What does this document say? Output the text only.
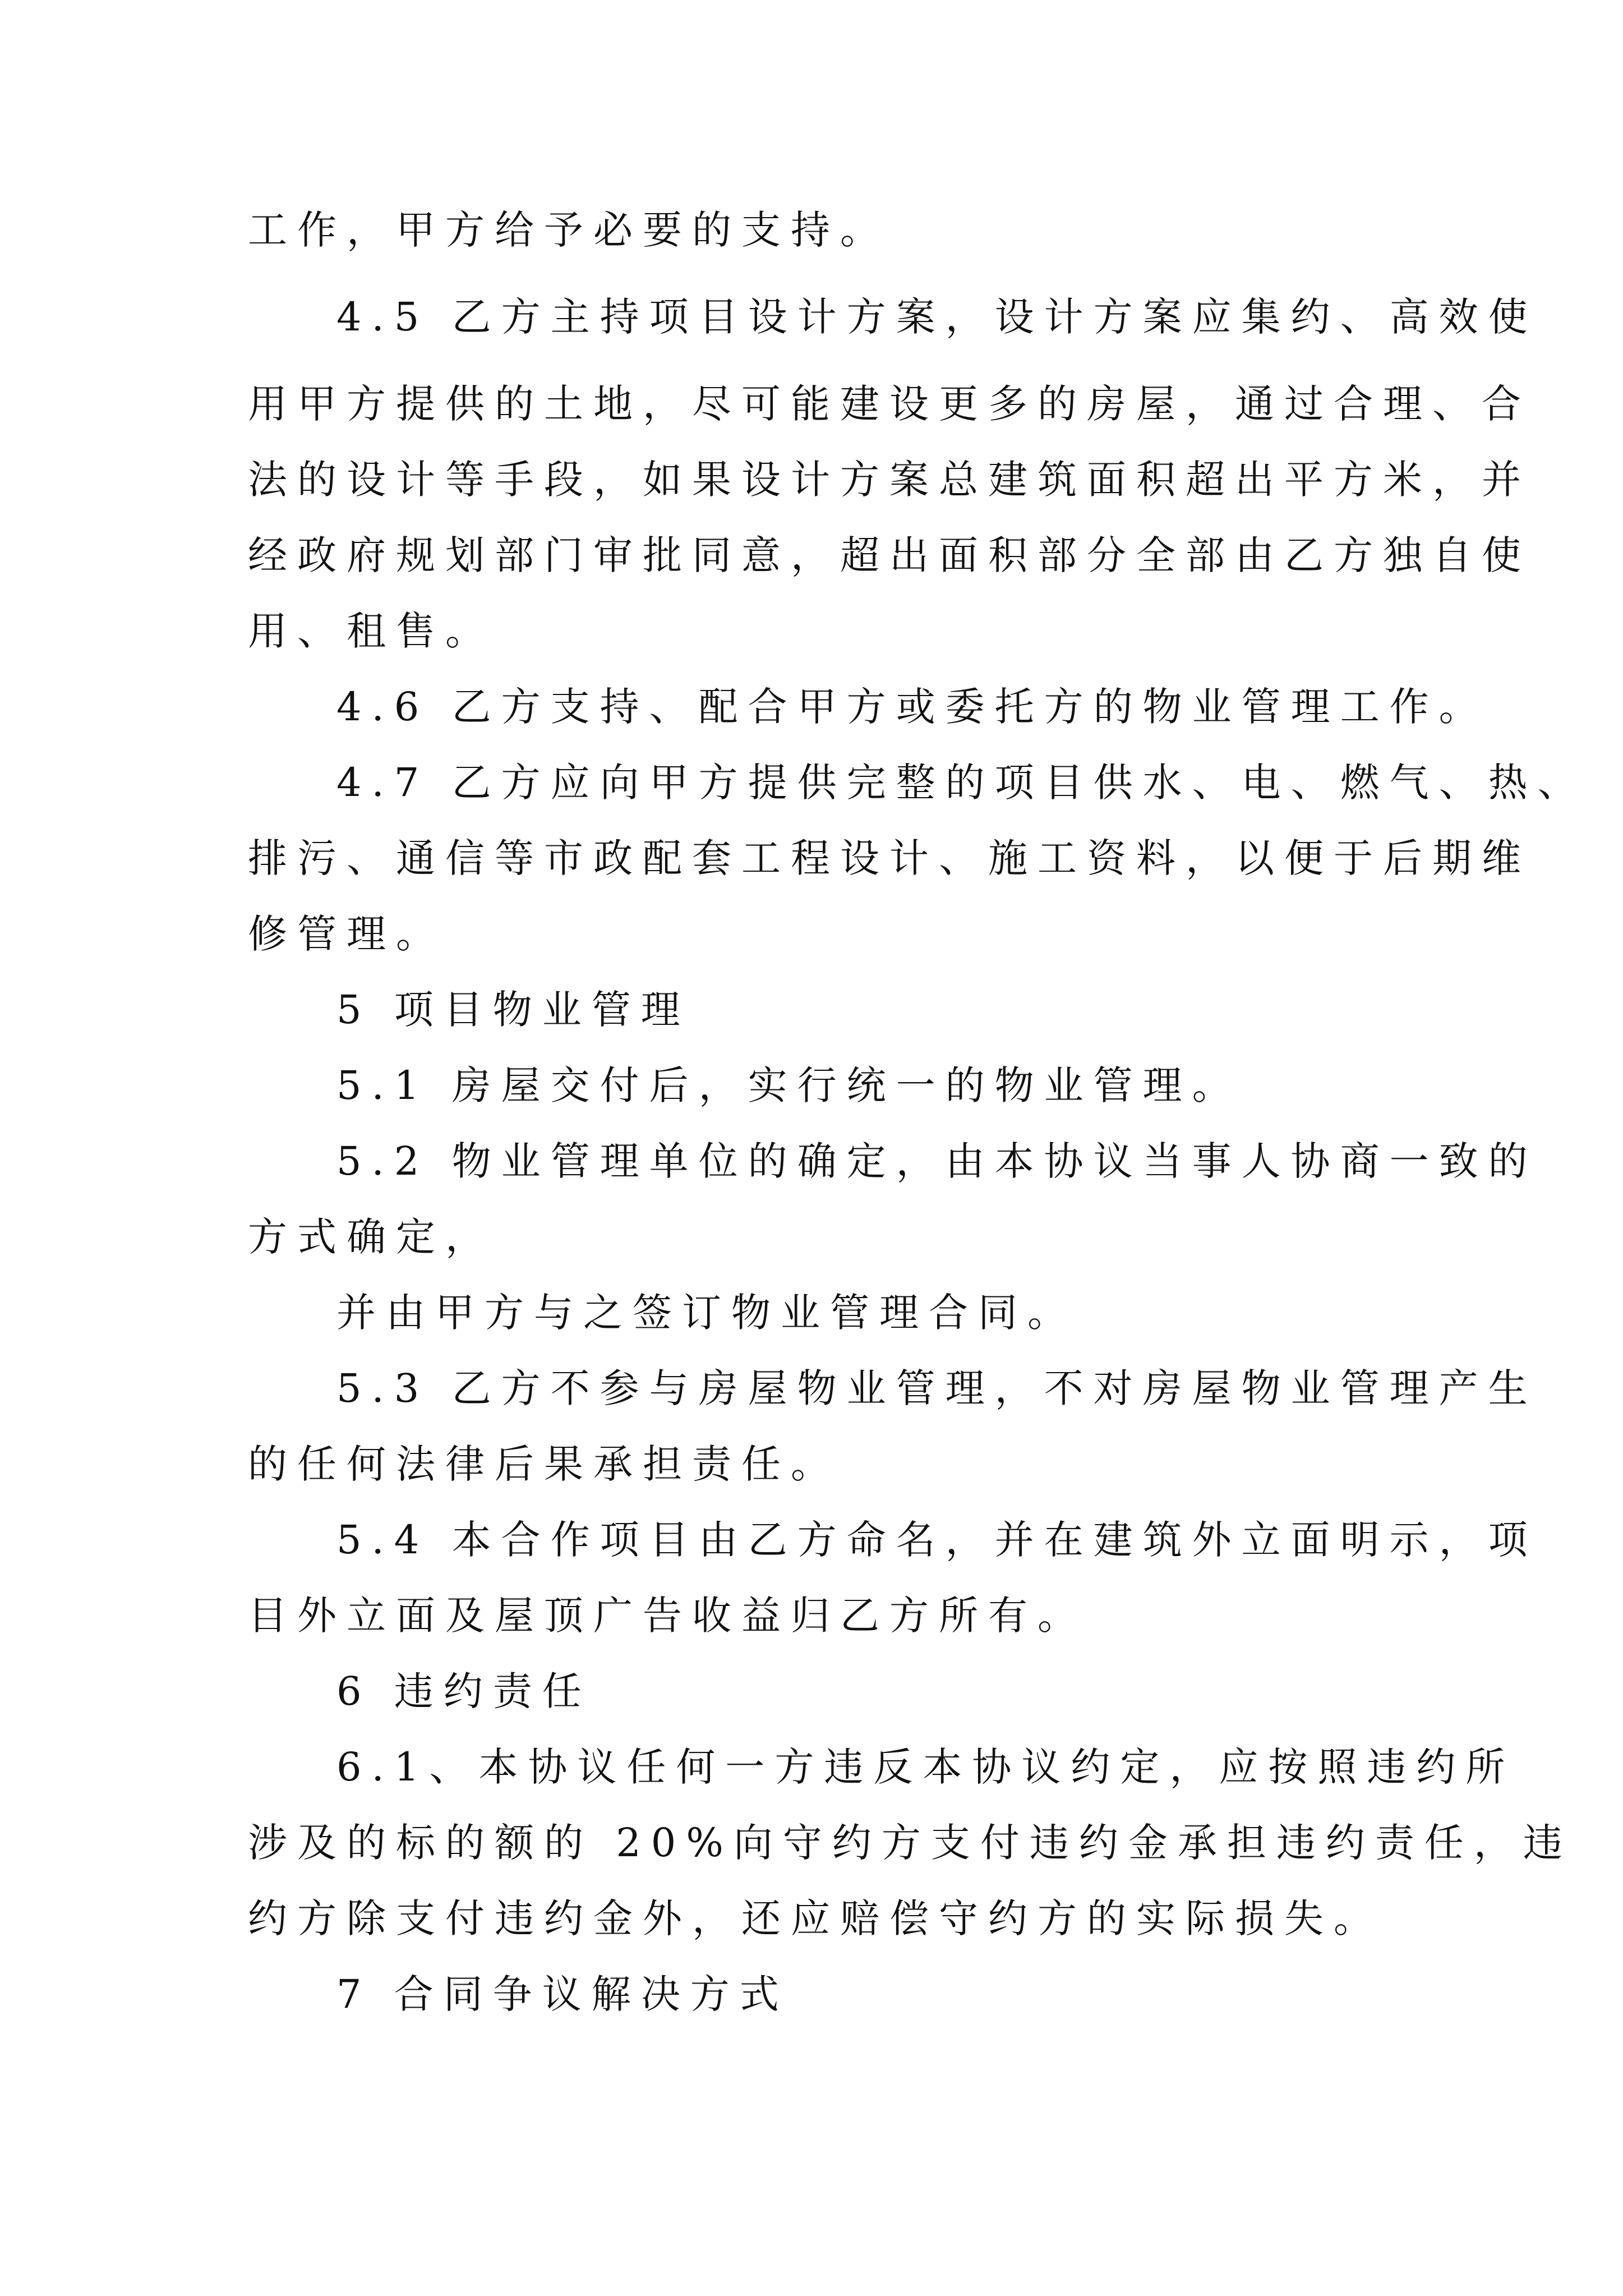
工作，甲方给予必要的支持。

4.5 乙方主持项目设计方案，设计方案应集约、高效使

用甲方提供的土地，尽可能建设更多的房屋，通过合理、合

法的设计等手段，如果设计方案总建筑面积超出平方米，并

经政府规划部门审批同意，超出面积部分全部由乙方独自使

用、租售。

4.6 乙方支持、配合甲方或委托方的物业管理工作。

4.7 乙方应向甲方提供完整的项目供水、电、燃气、热、

排污、通信等市政配套工程设计、施工资料，以便于后期维

修管理。

5 项目物业管理

5.1 房屋交付后，实行统一的物业管理。

5.2 物业管理单位的确定，由本协议当事人协商一致的

方式确定，

并由甲方与之签订物业管理合同。

5.3 乙方不参与房屋物业管理，不对房屋物业管理产生

的任何法律后果承担责任。

5.4 本合作项目由乙方命名，并在建筑外立面明示，项

目外立面及屋顶广告收益归乙方所有。

6 违约责任

6.1、本协议任何一方违反本协议约定，应按照违约所

涉及的标的额的 20%向守约方支付违约金承担违约责任，违

约方除支付违约金外，还应赔偿守约方的实际损失。

7 合同争议解决方式
